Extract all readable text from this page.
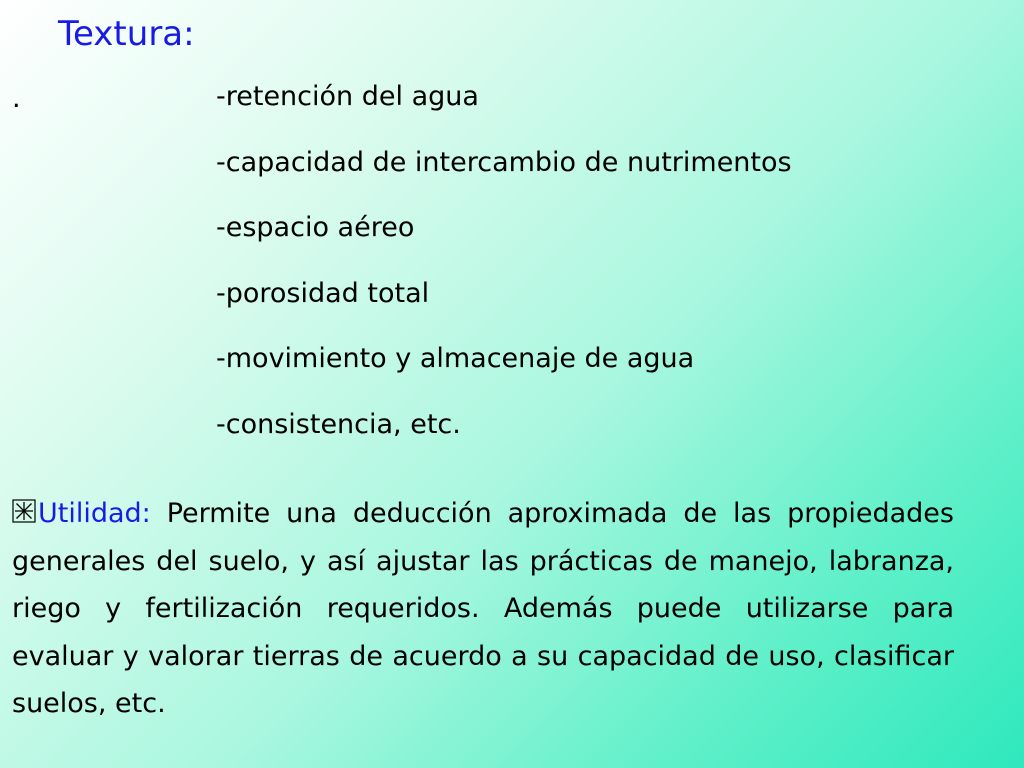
Textura:
.	-retención del agua
-capacidad de intercambio de nutrimentos
-espacio aéreo
-porosidad total
-movimiento y almacenaje de agua
-consistencia, etc.

Utilidad: Permite una deducción aproximada de las propiedades generales del suelo, y así ajustar las prácticas de manejo, labranza, riego y fertilización requeridos. Además puede utilizarse para evaluar y valorar tierras de acuerdo a su capacidad de uso, clasificar suelos, etc.
